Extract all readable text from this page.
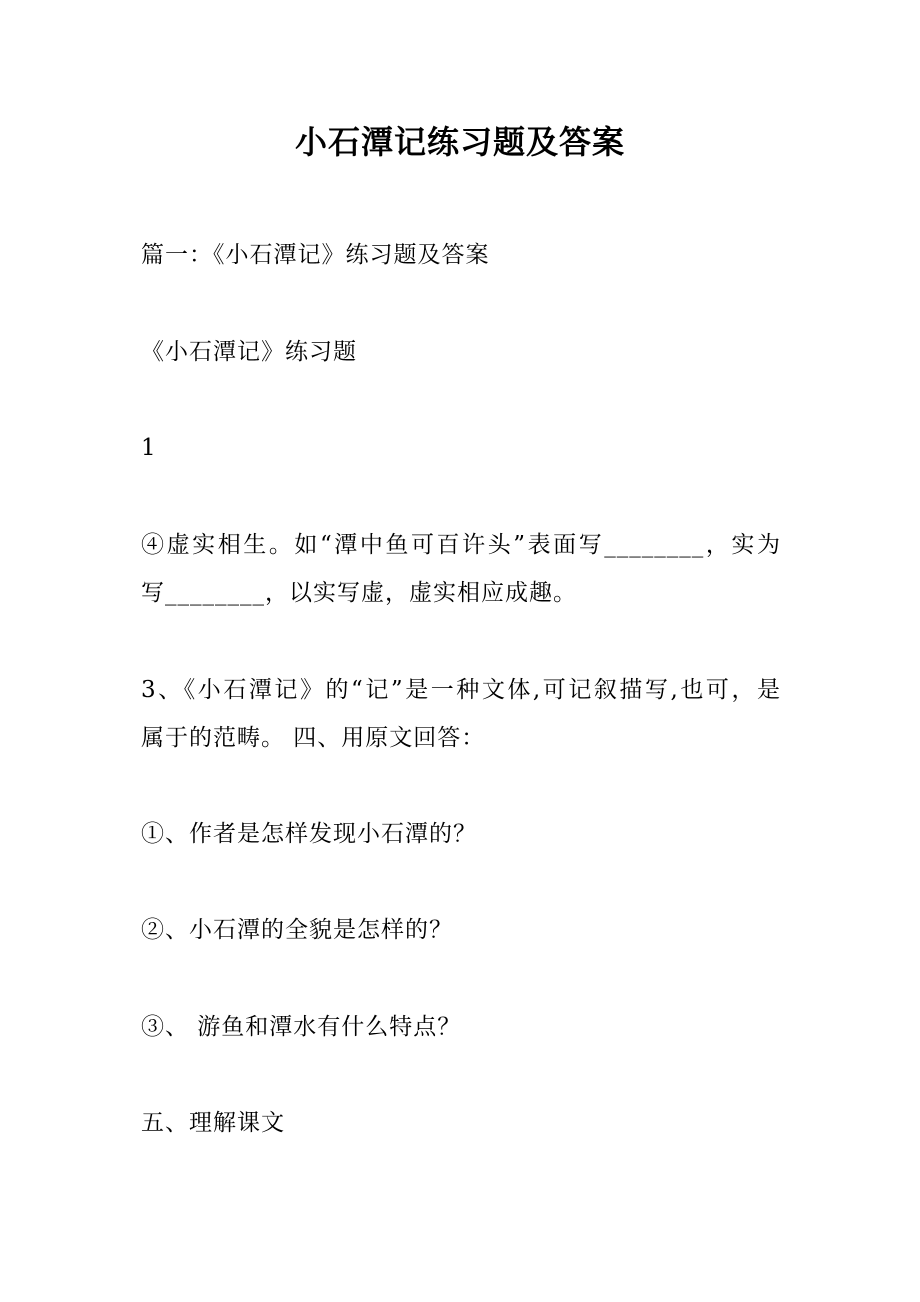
小石潭记练习题及答案

篇一：《小石潭记》练习题及答案

《小石潭记》练习题

1

④虚实相生。如“潭中鱼可百许头”表面写________，实为
写________，以实写虚，虚实相应成趣。

3、《小石潭记》的“记”是一种文体,可记叙描写,也可，是
属于的范畴。 四、用原文回答：

①、作者是怎样发现小石潭的？

②、小石潭的全貌是怎样的？

③、 游鱼和潭水有什么特点？

五、理解课文
